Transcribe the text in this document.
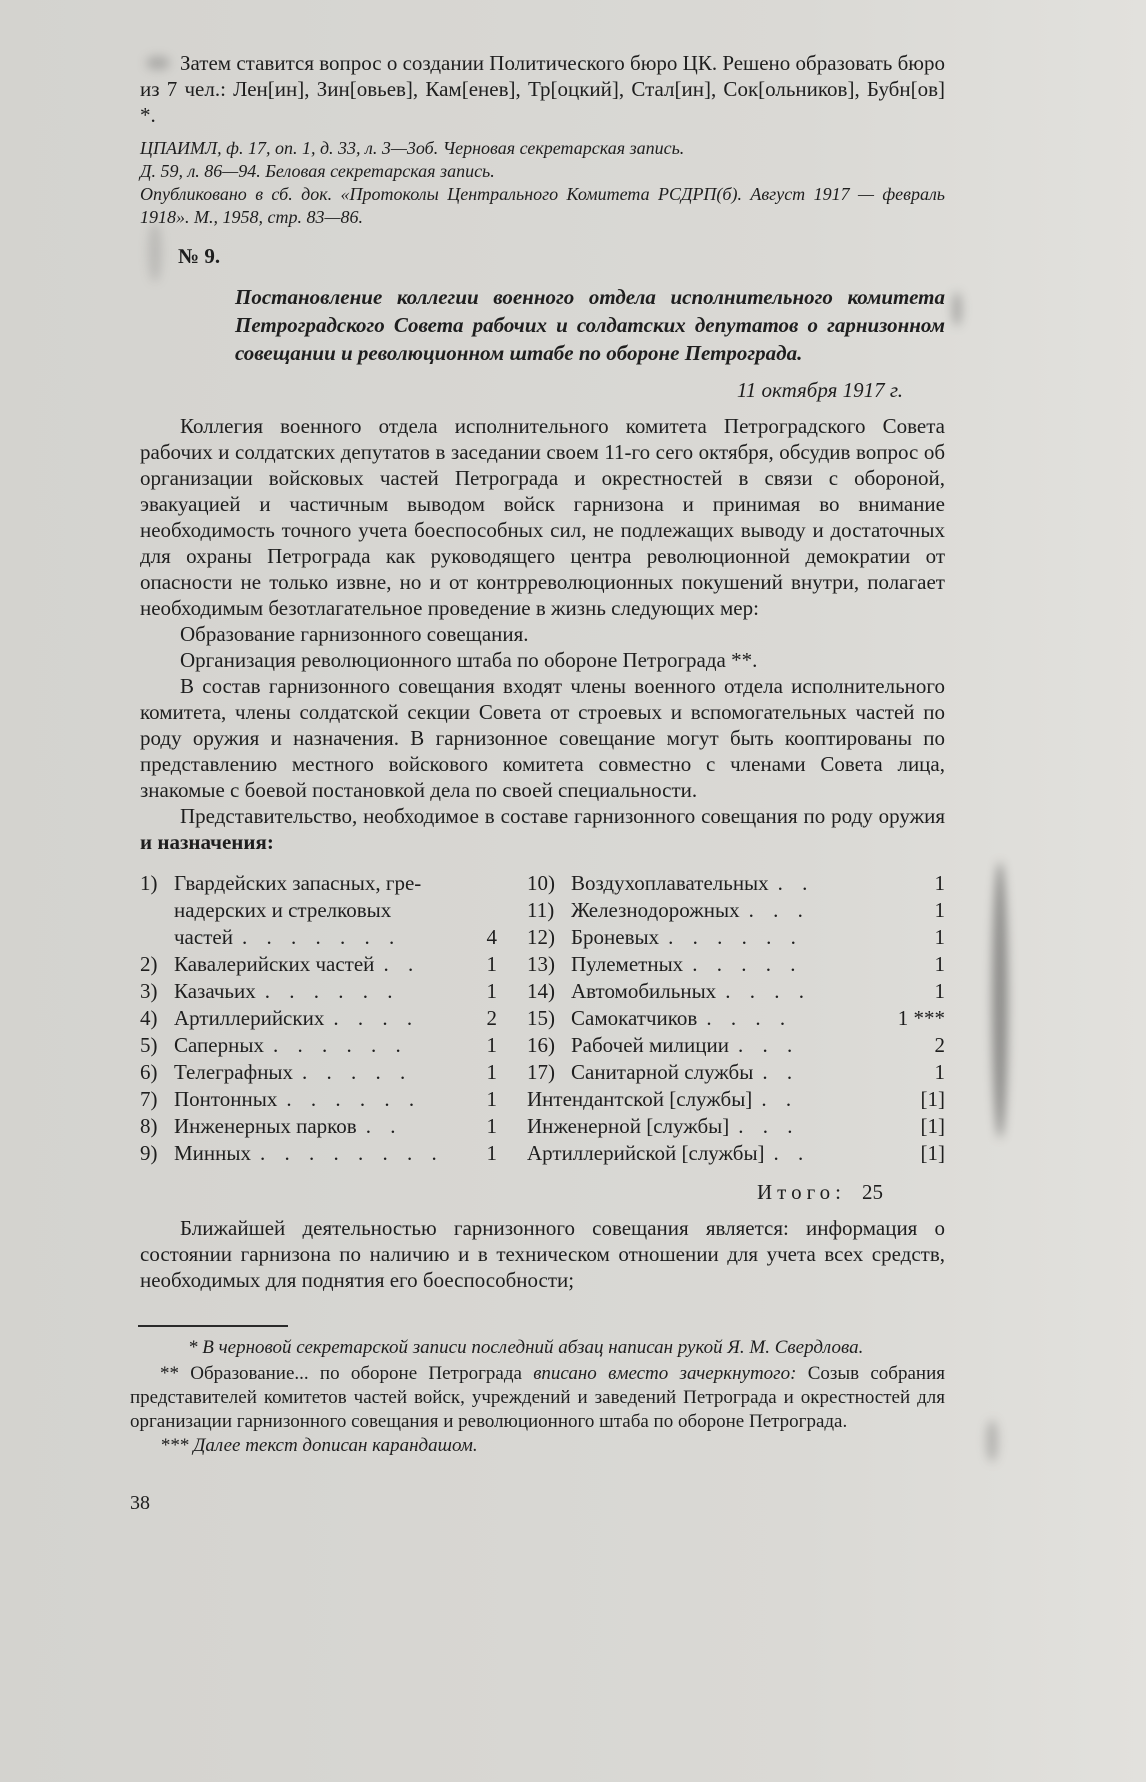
Затем ставится вопрос о создании Политического бюро ЦК. Решено образовать бюро из 7 чел.: Лен[ин], Зин[овьев], Кам[енев], Тр[оцкий], Стал[ин], Сок[ольников], Бубн[ов] *.

ЦПАИМЛ, ф. 17, оп. 1, д. 33, л. 3—3об. Черновая секретарская запись.

Д. 59, л. 86—94. Беловая секретарская запись.

Опубликовано в сб. док. «Протоколы Центрального Комитета РСДРП(б). Август 1917 — февраль 1918». М., 1958, стр. 83—86.

№ 9.

Постановление коллегии военного отдела исполнительного комитета Петроградского Совета рабочих и солдатских депутатов о гарнизонном совещании и революционном штабе по обороне Петрограда.

11 октября 1917 г.

Коллегия военного отдела исполнительного комитета Петроградского Совета рабочих и солдатских депутатов в заседании своем 11-го сего октября, обсудив вопрос об организации войсковых частей Петрограда и окрестностей в связи с обороной, эвакуацией и частичным выводом войск гарнизона и принимая во внимание необходимость точного учета боеспособных сил, не подлежащих выводу и достаточных для охраны Петрограда как руководящего центра революционной демократии от опасности не только извне, но и от контрреволюционных покушений внутри, полагает необходимым безотлагательное проведение в жизнь следующих мер:

Образование гарнизонного совещания.

Организация революционного штаба по обороне Петрограда **.

В состав гарнизонного совещания входят члены военного отдела исполнительного комитета, члены солдатской секции Совета от строевых и вспомогательных частей по роду оружия и назначения. В гарнизонное совещание могут быть кооптированы по представлению местного войскового комитета совместно с членами Совета лица, знакомые с боевой постановкой дела по своей специальности.

Представительство, необходимое в составе гарнизонного совещания по роду оружия и назначения:

1) Гвардейских запасных, гре-
надерских и стрелковых
частей . . . . . . .	4
2) Кавалерийских частей . .	1
3) Казачьих . . . . . .	1
4) Артиллерийских . . . .	2
5) Саперных . . . . . .	1
6) Телеграфных . . . . .	1
7) Понтонных . . . . . .	1
8) Инженерных парков . .	1
9) Минных . . . . . . . .	1
10) Воздухоплавательных . .	1
11) Железнодорожных . . .	1
12) Броневых . . . . . .	1
13) Пулеметных . . . . .	1
14) Автомобильных . . . .	1
15) Самокатчиков . . . .	1 ***
16) Рабочей милиции . . .	2
17) Санитарной службы . .	1
Интендантской [службы] . .	[1]
Инженерной [службы] . . .	[1]
Артиллерийской [службы] . .	[1]

Итого: 25

Ближайшей деятельностью гарнизонного совещания является: информация о состоянии гарнизона по наличию и в техническом отношении для учета всех средств, необходимых для поднятия его боеспособности;

* В черновой секретарской записи последний абзац написан рукой Я. М. Свердлова.

** Образование... по обороне Петрограда вписано вместо зачеркнутого: Созыв собрания представителей комитетов частей войск, учреждений и заведений Петрограда и окрестностей для организации гарнизонного совещания и революционного штаба по обороне Петрограда.

*** Далее текст дописан карандашом.

38
